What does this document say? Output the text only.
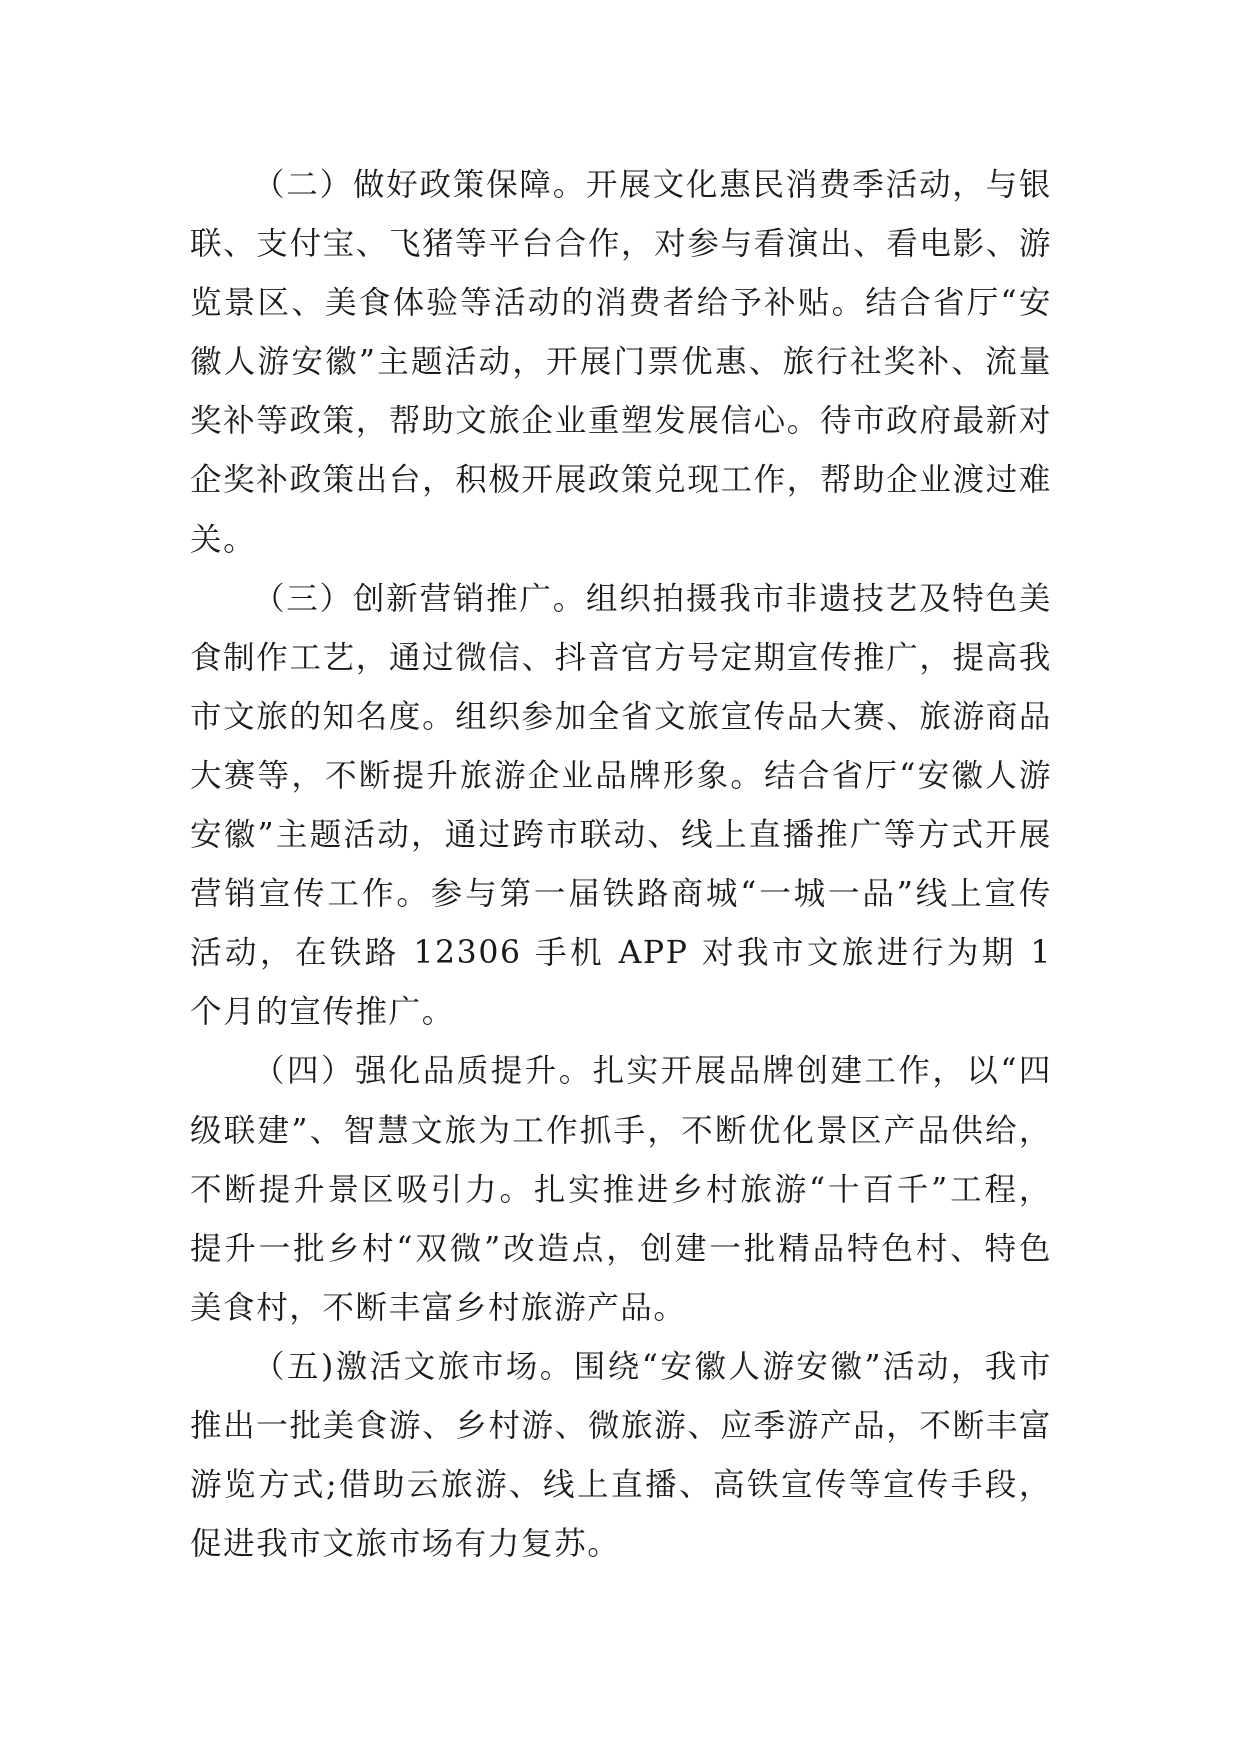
（二）做好政策保障。开展文化惠民消费季活动，与银联、支付宝、飞猪等平台合作，对参与看演出、看电影、游览景区、美食体验等活动的消费者给予补贴。结合省厅“安徽人游安徽”主题活动，开展门票优惠、旅行社奖补、流量奖补等政策，帮助文旅企业重塑发展信心。待市政府最新对企奖补政策出台，积极开展政策兑现工作，帮助企业渡过难关。

（三）创新营销推广。组织拍摄我市非遗技艺及特色美食制作工艺，通过微信、抖音官方号定期宣传推广，提高我市文旅的知名度。组织参加全省文旅宣传品大赛、旅游商品大赛等，不断提升旅游企业品牌形象。结合省厅“安徽人游安徽”主题活动，通过跨市联动、线上直播推广等方式开展营销宣传工作。参与第一届铁路商城“一城一品”线上宣传活动，在铁路 12306 手机 APP 对我市文旅进行为期 1 个月的宣传推广。

（四）强化品质提升。扎实开展品牌创建工作，以“四级联建”、智慧文旅为工作抓手，不断优化景区产品供给，不断提升景区吸引力。扎实推进乡村旅游“十百千”工程，提升一批乡村“双微”改造点，创建一批精品特色村、特色美食村，不断丰富乡村旅游产品。

（五)激活文旅市场。围绕“安徽人游安徽”活动，我市推出一批美食游、乡村游、微旅游、应季游产品，不断丰富游览方式;借助云旅游、线上直播、高铁宣传等宣传手段，促进我市文旅市场有力复苏。
